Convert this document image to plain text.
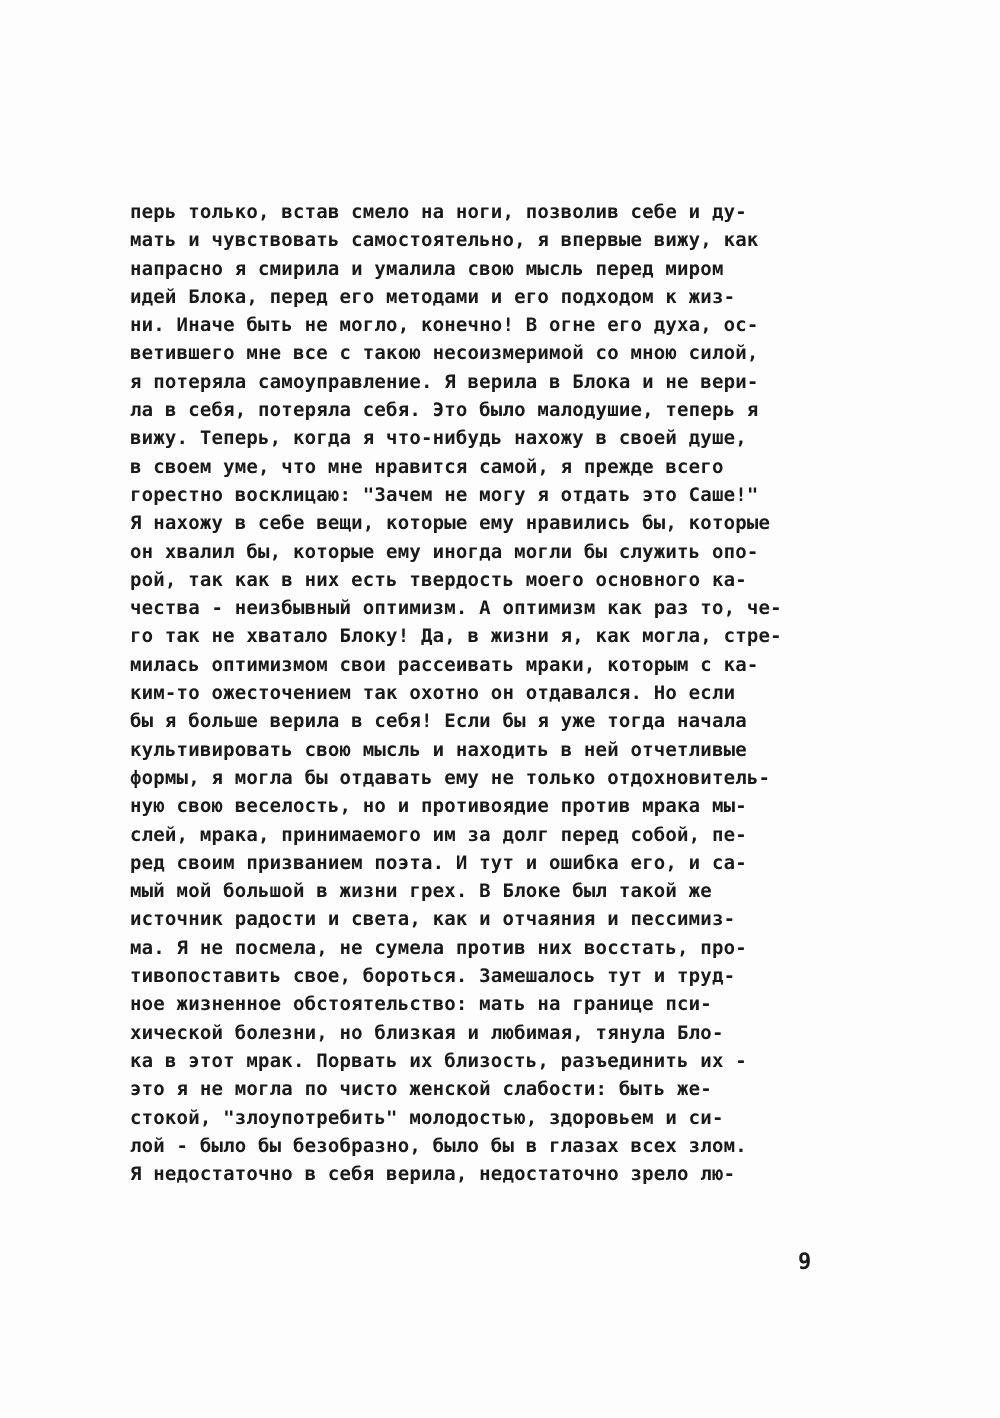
перь только, встав смело на ноги, позволив себе и ду-
мать и чувствовать самостоятельно, я впервые вижу, как
напрасно я смирила и умалила свою мысль перед миром
идей Блока, перед его методами и его подходом к жиз-
ни. Иначе быть не могло, конечно! В огне его духа, ос-
ветившего мне все с такою несоизмеримой со мною силой,
я потеряла самоуправление. Я верила в Блока и не вери-
ла в себя, потеряла себя. Это было малодушие, теперь я
вижу. Теперь, когда я что-нибудь нахожу в своей душе,
в своем уме, что мне нравится самой, я прежде всего
горестно восклицаю: "Зачем не могу я отдать это Саше!"
Я нахожу в себе вещи, которые ему нравились бы, которые
он хвалил бы, которые ему иногда могли бы служить опо-
рой, так как в них есть твердость моего основного ка-
чества - неизбывный оптимизм. А оптимизм как раз то, че-
го так не хватало Блоку! Да, в жизни я, как могла, стре-
милась оптимизмом свои рассеивать мраки, которым с ка-
ким-то ожесточением так охотно он отдавался. Но если
бы я больше верила в себя! Если бы я уже тогда начала
культивировать свою мысль и находить в ней отчетливые
формы, я могла бы отдавать ему не только отдохновитель-
ную свою веселость, но и противоядие против мрака мы-
слей, мрака, принимаемого им за долг перед собой, пе-
ред своим призванием поэта. И тут и ошибка его, и са-
мый мой большой в жизни грех. В Блоке был такой же
источник радости и света, как и отчаяния и пессимиз-
ма. Я не посмела, не сумела против них восстать, про-
тивопоставить свое, бороться. Замешалось тут и труд-
ное жизненное обстоятельство: мать на границе пси-
хической болезни, но близкая и любимая, тянула Бло-
ка в этот мрак. Порвать их близость, разъединить их -
это я не могла по чисто женской слабости: быть же-
стокой, "злоупотребить" молодостью, здоровьем и си-
лой - было бы безобразно, было бы в глазах всех злом.
Я недостаточно в себя верила, недостаточно зрело лю-
9
